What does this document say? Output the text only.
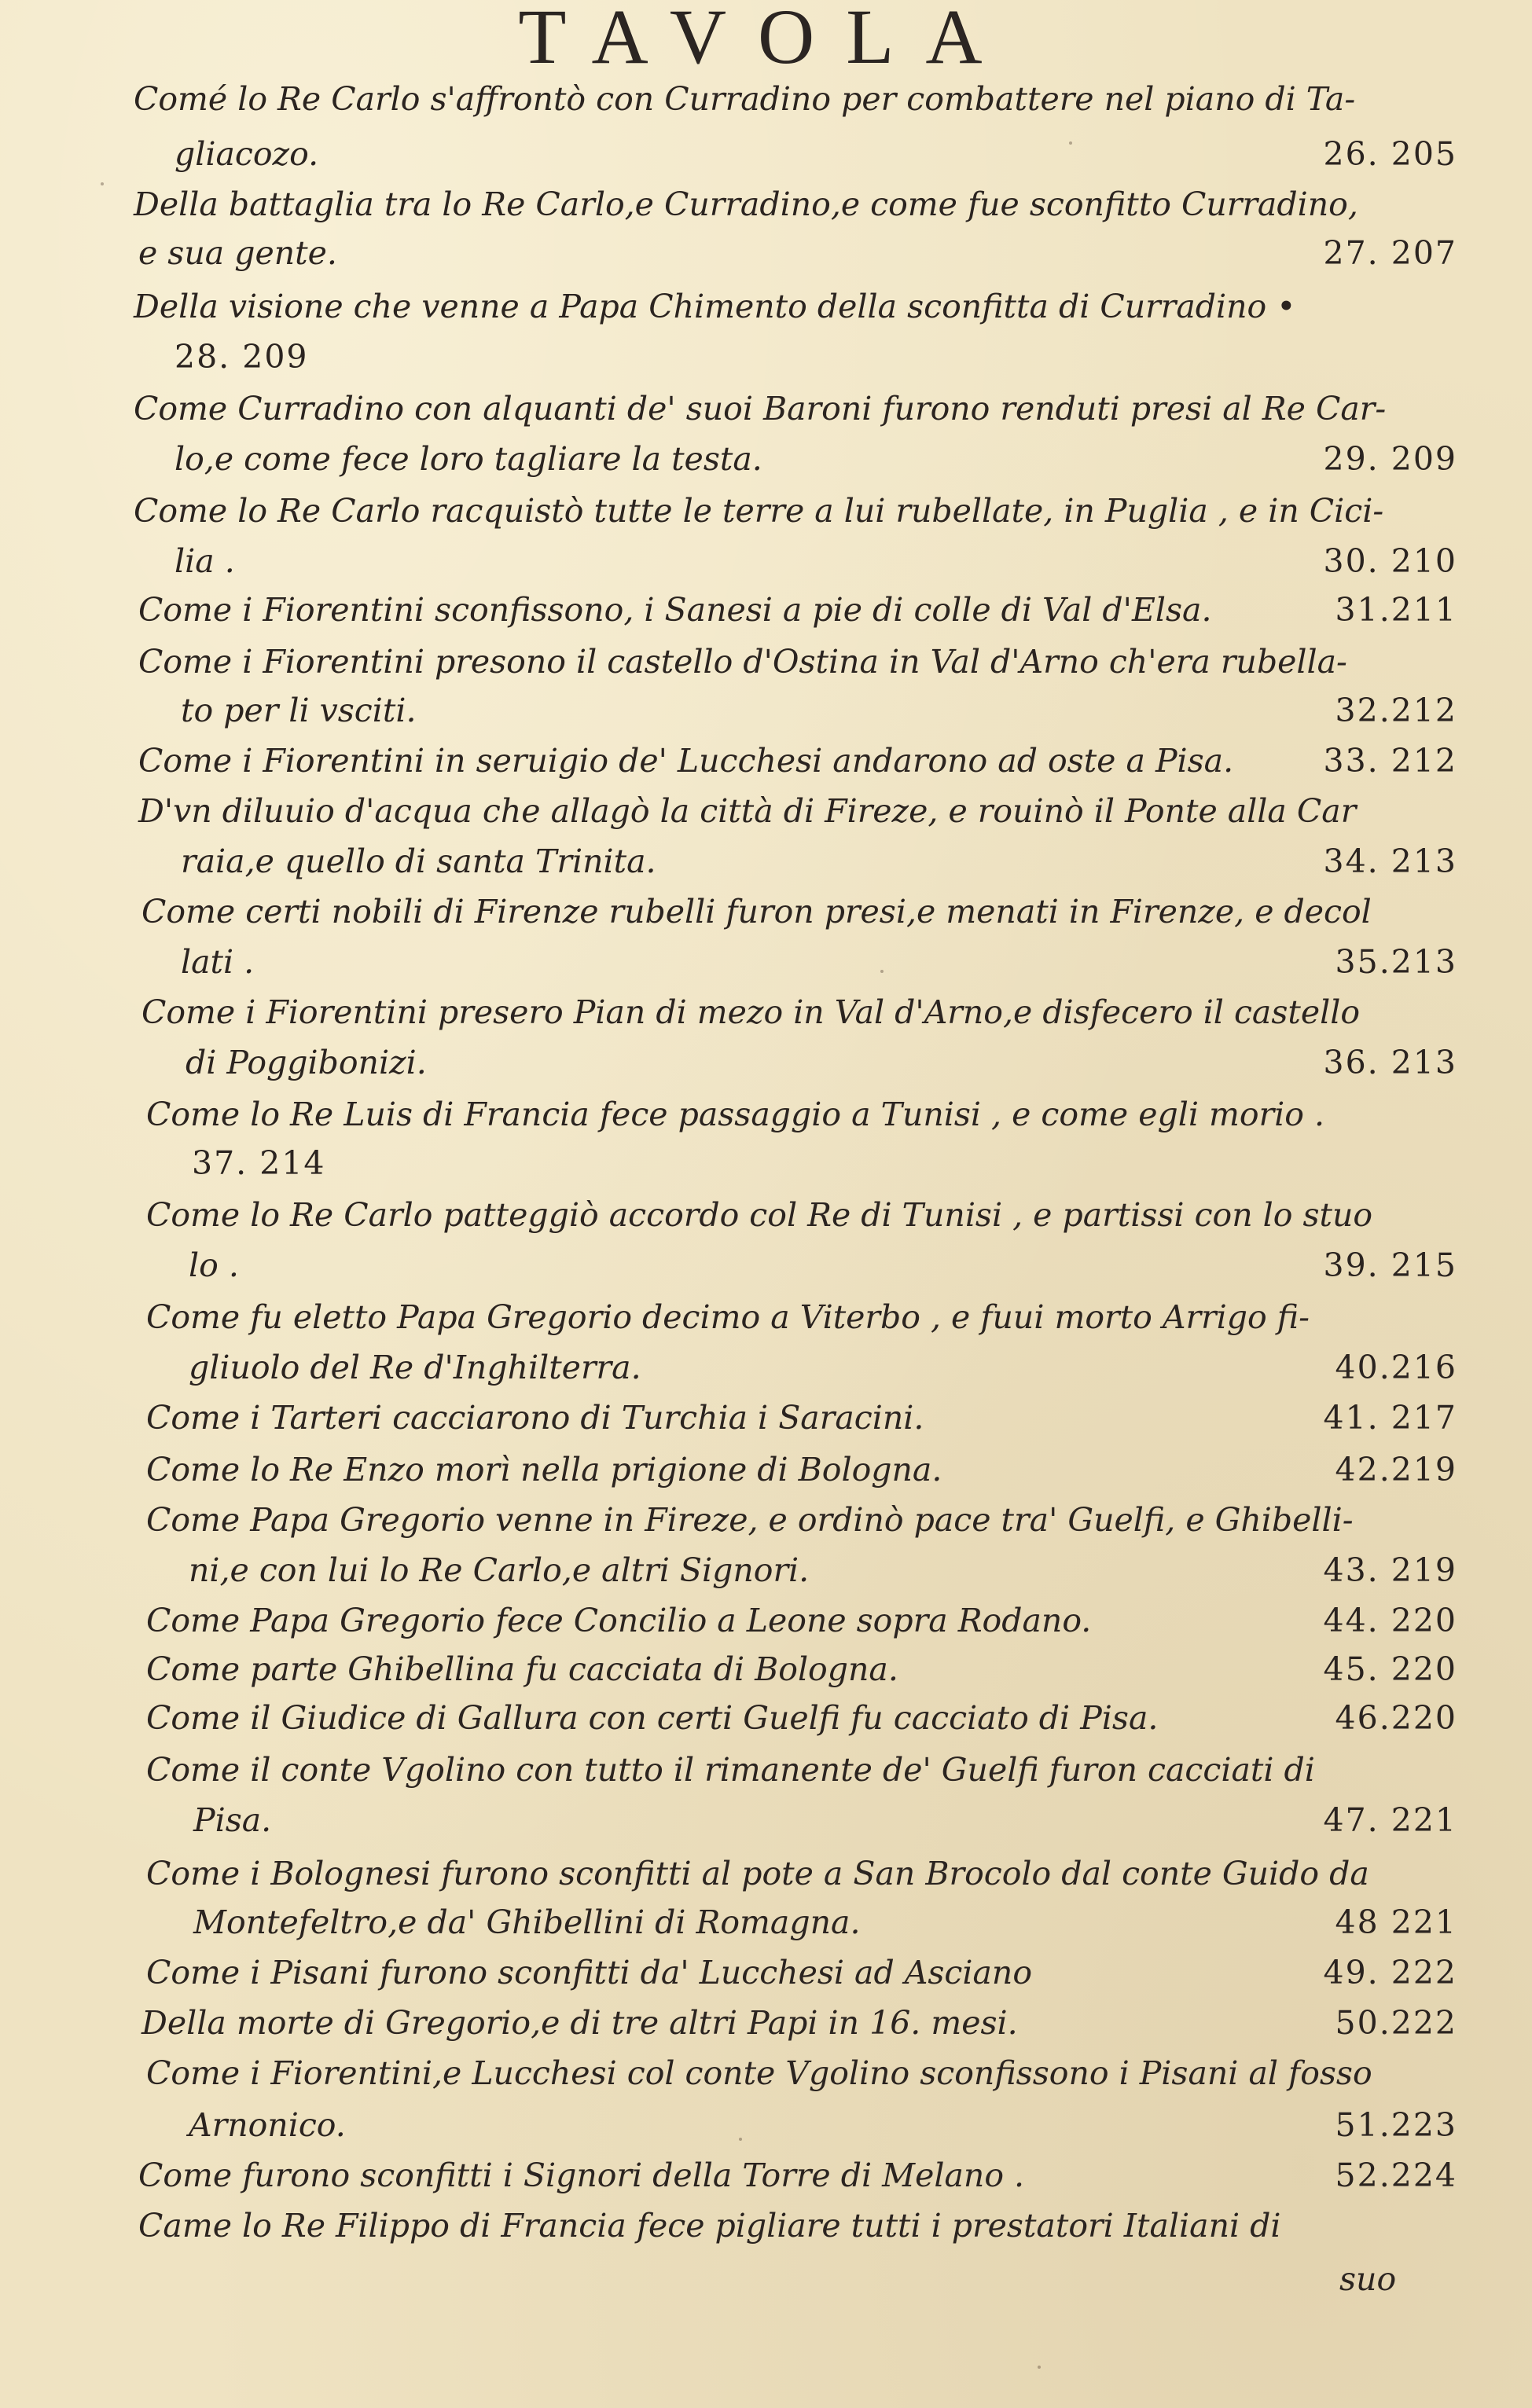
TAVOLA
Comé lo Re Carlo s'affrontò con Curradino per combattere nel piano di Ta-
gliacozo.	26. 205
Della battaglia tra lo Re Carlo,e Curradino,e come fue sconfitto Curradino,
e sua gente.	27. 207
Della visione che venne a Papa Chimento della sconfitta di Curradino •
28. 209
Come Curradino con alquanti de' suoi Baroni furono renduti presi al Re Car-
lo,e come fece loro tagliare la testa.	29. 209
Come lo Re Carlo racquistò tutte le terre a lui rubellate, in Puglia , e in Cici-
lia .	30. 210
Come i Fiorentini sconfissono, i Sanesi a pie di colle di Val d'Elsa.	31.211
Come i Fiorentini presono il castello d'Ostina in Val d'Arno ch'era rubella-
to per li vsciti.	32.212
Come i Fiorentini in seruigio de' Lucchesi andarono ad oste a Pisa.	33. 212
D'vn diluuio d'acqua che allagò la città di Fireze, e rouinò il Ponte alla Car
raia,e quello di santa Trinita.	34. 213
Come certi nobili di Firenze rubelli furon presi,e menati in Firenze, e decol
lati .	35.213
Come i Fiorentini presero Pian di mezo in Val d'Arno,e disfecero il castello
di Poggibonizi.	36. 213
Come lo Re Luis di Francia fece passaggio a Tunisi , e come egli morio .
37. 214
Come lo Re Carlo patteggiò accordo col Re di Tunisi , e partissi con lo stuo
lo .	39. 215
Come fu eletto Papa Gregorio decimo a Viterbo , e fuui morto Arrigo fi-
gliuolo del Re d'Inghilterra.	40.216
Come i Tarteri cacciarono di Turchia i Saracini.	41. 217
Come lo Re Enzo morì nella prigione di Bologna.	42.219
Come Papa Gregorio venne in Fireze, e ordinò pace tra' Guelfi, e Ghibelli-
ni,e con lui lo Re Carlo,e altri Signori.	43. 219
Come Papa Gregorio fece Concilio a Leone sopra Rodano.	44. 220
Come parte Ghibellina fu cacciata di Bologna.	45. 220
Come il Giudice di Gallura con certi Guelfi fu cacciato di Pisa.	46.220
Come il conte Vgolino con tutto il rimanente de' Guelfi furon cacciati di
Pisa.	47. 221
Come i Bolognesi furono sconfitti al pote a San Brocolo dal conte Guido da
Montefeltro,e da' Ghibellini di Romagna.	48 221
Come i Pisani furono sconfitti da' Lucchesi ad Asciano	49. 222
Della morte di Gregorio,e di tre altri Papi in 16. mesi.	50.222
Come i Fiorentini,e Lucchesi col conte Vgolino sconfissono i Pisani al fosso
Arnonico.	51.223
Come furono sconfitti i Signori della Torre di Melano .	52.224
Came lo Re Filippo di Francia fece pigliare tutti i prestatori Italiani di
suo
